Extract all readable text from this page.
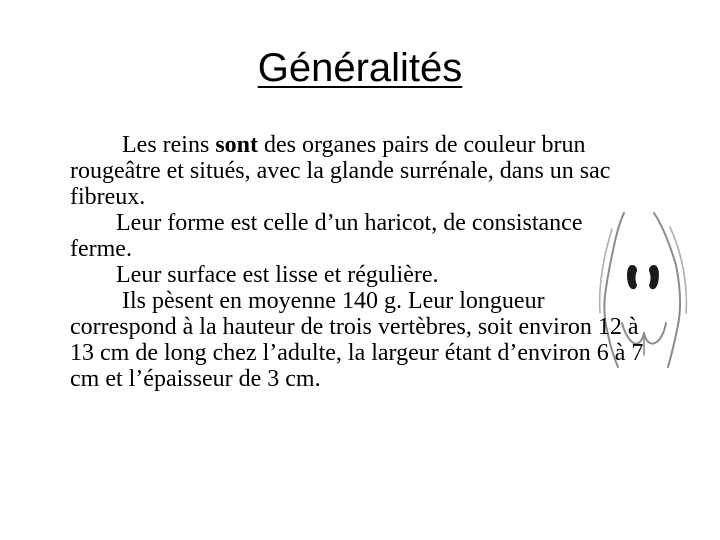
Généralités

Les reins sont des organes pairs de couleur brun rougeâtre et situés, avec la glande surrénale, dans un sac fibreux.

Leur forme est celle d’un haricot, de consistance ferme.

Leur surface est lisse et régulière.

Ils pèsent en moyenne 140 g. Leur longueur correspond à la hauteur de trois vertèbres, soit environ 12 à 13 cm de long chez l’adulte, la largeur étant d’environ 6 à 7 cm et l’épaisseur de 3 cm.
